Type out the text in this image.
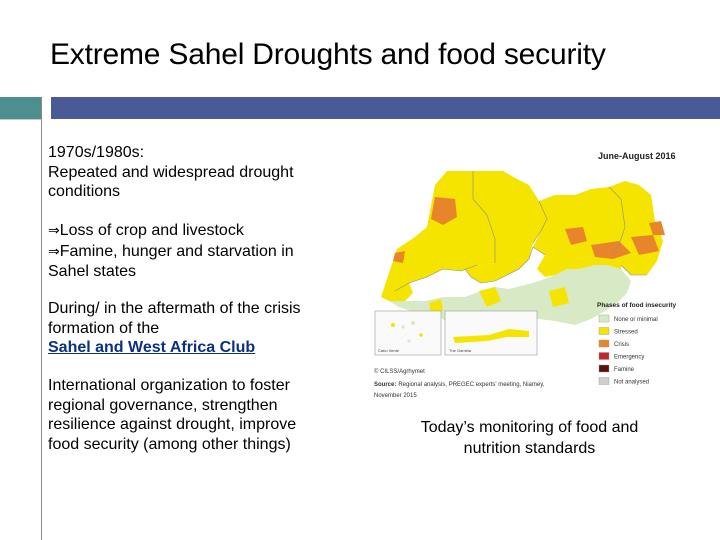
Extreme Sahel Droughts and food security
1970s/1980s:
Repeated and widespread drought
conditions
⇒Loss of crop and livestock
⇒Famine, hunger and starvation in
Sahel states
During/ in the aftermath of the crisis
formation of the
Sahel and West Africa Club
International organization to foster
regional governance, strengthen
resilience against drought, improve
food security (among other things)
June-August 2016
Cabo Verde	The Gambia
Phases of food insecurity
None or minimal
Stressed
Crisis
Emergency
Famine
Not analysed
© CILSS/Agrhymet
Source: Regional analysis, PREGEC experts' meeting, Niamey,
November 2015
Today’s monitoring of food and
nutrition standards
